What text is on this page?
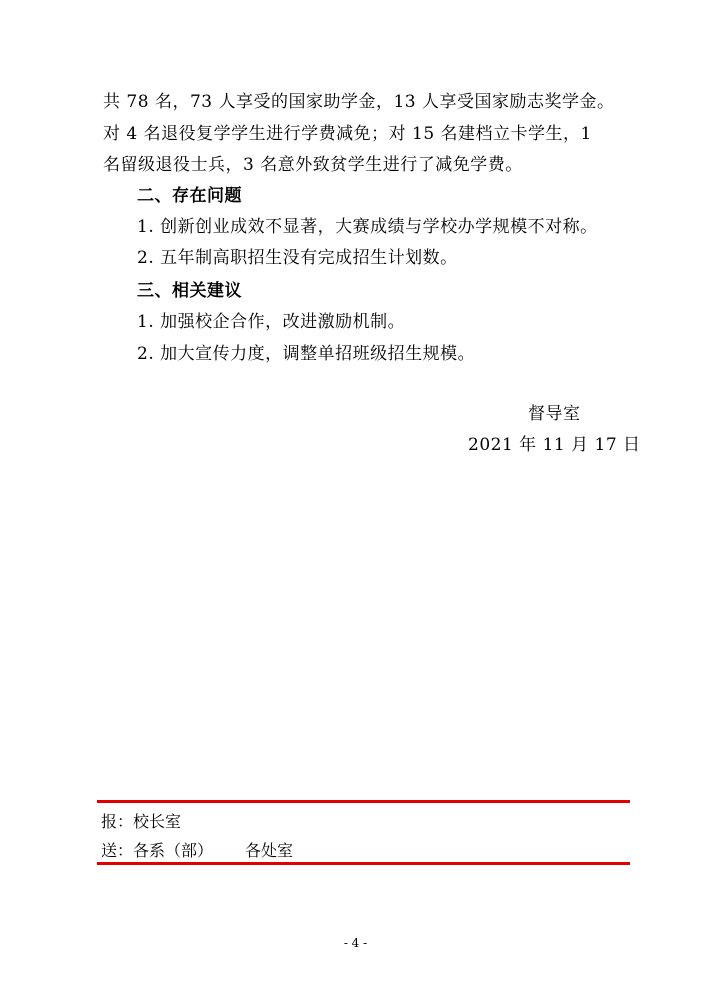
共 78 名，73 人享受的国家助学金，13 人享受国家励志奖学金。
对 4 名退役复学学生进行学费减免；对 15 名建档立卡学生，1
名留级退役士兵，3 名意外致贫学生进行了减免学费。
二、存在问题
1. 创新创业成效不显著，大赛成绩与学校办学规模不对称。
2. 五年制高职招生没有完成招生计划数。
三、相关建议
1. 加强校企合作，改进激励机制。
2. 加大宣传力度，调整单招班级招生规模。
督导室
2021 年 11 月 17 日
报：校长室
送：各系（部） 各处室
- 4 -
